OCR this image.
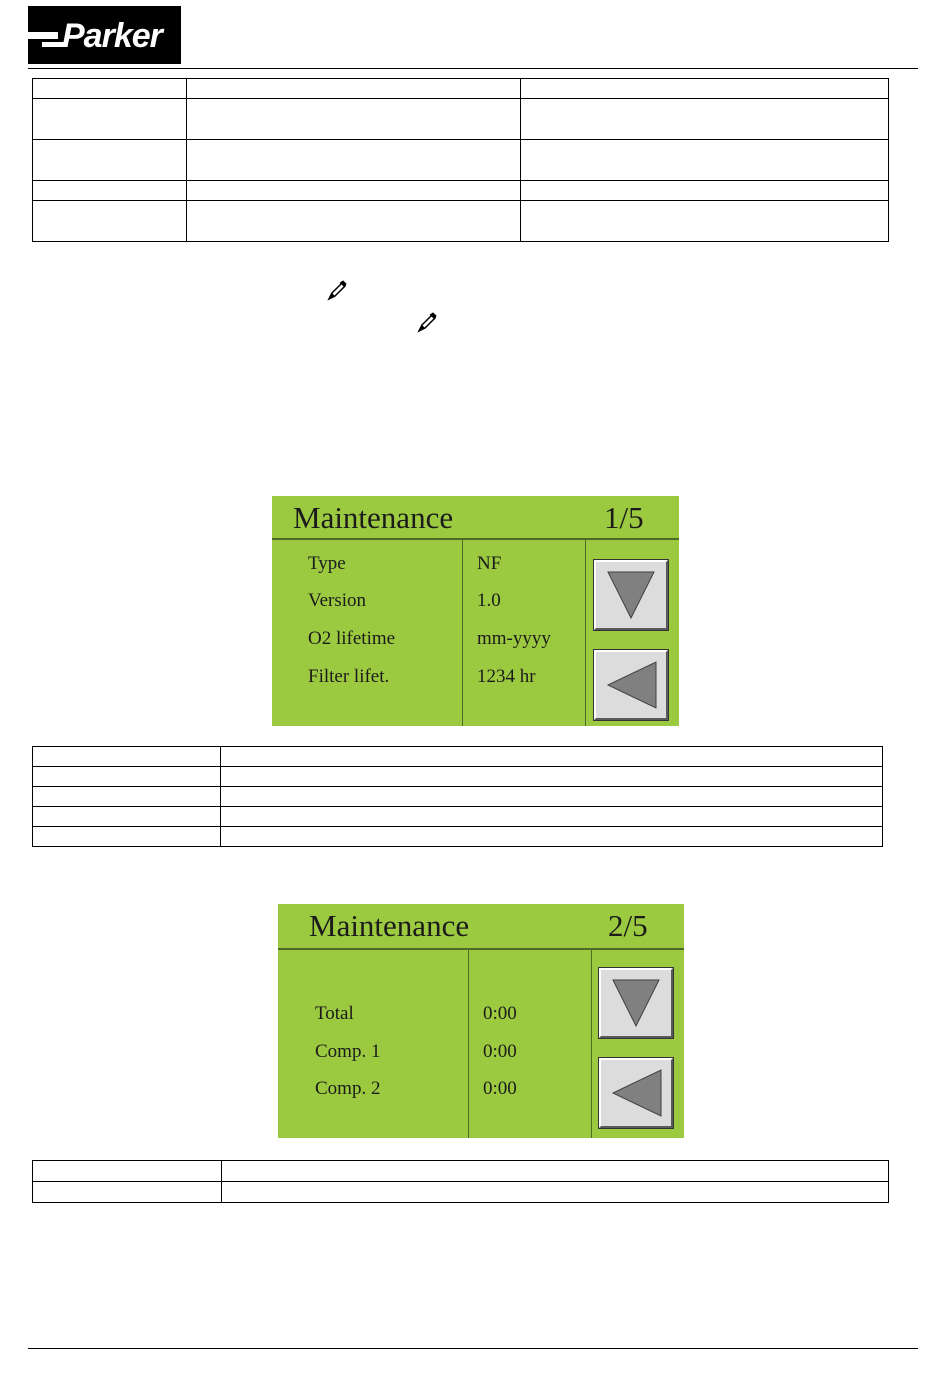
Parker

Maintenance	1/5
Type	NF
Version	1.0
O2 lifetime	mm-yyyy
Filter lifet.	1234 hr

Maintenance	2/5
Total	0:00
Comp. 1	0:00
Comp. 2	0:00
